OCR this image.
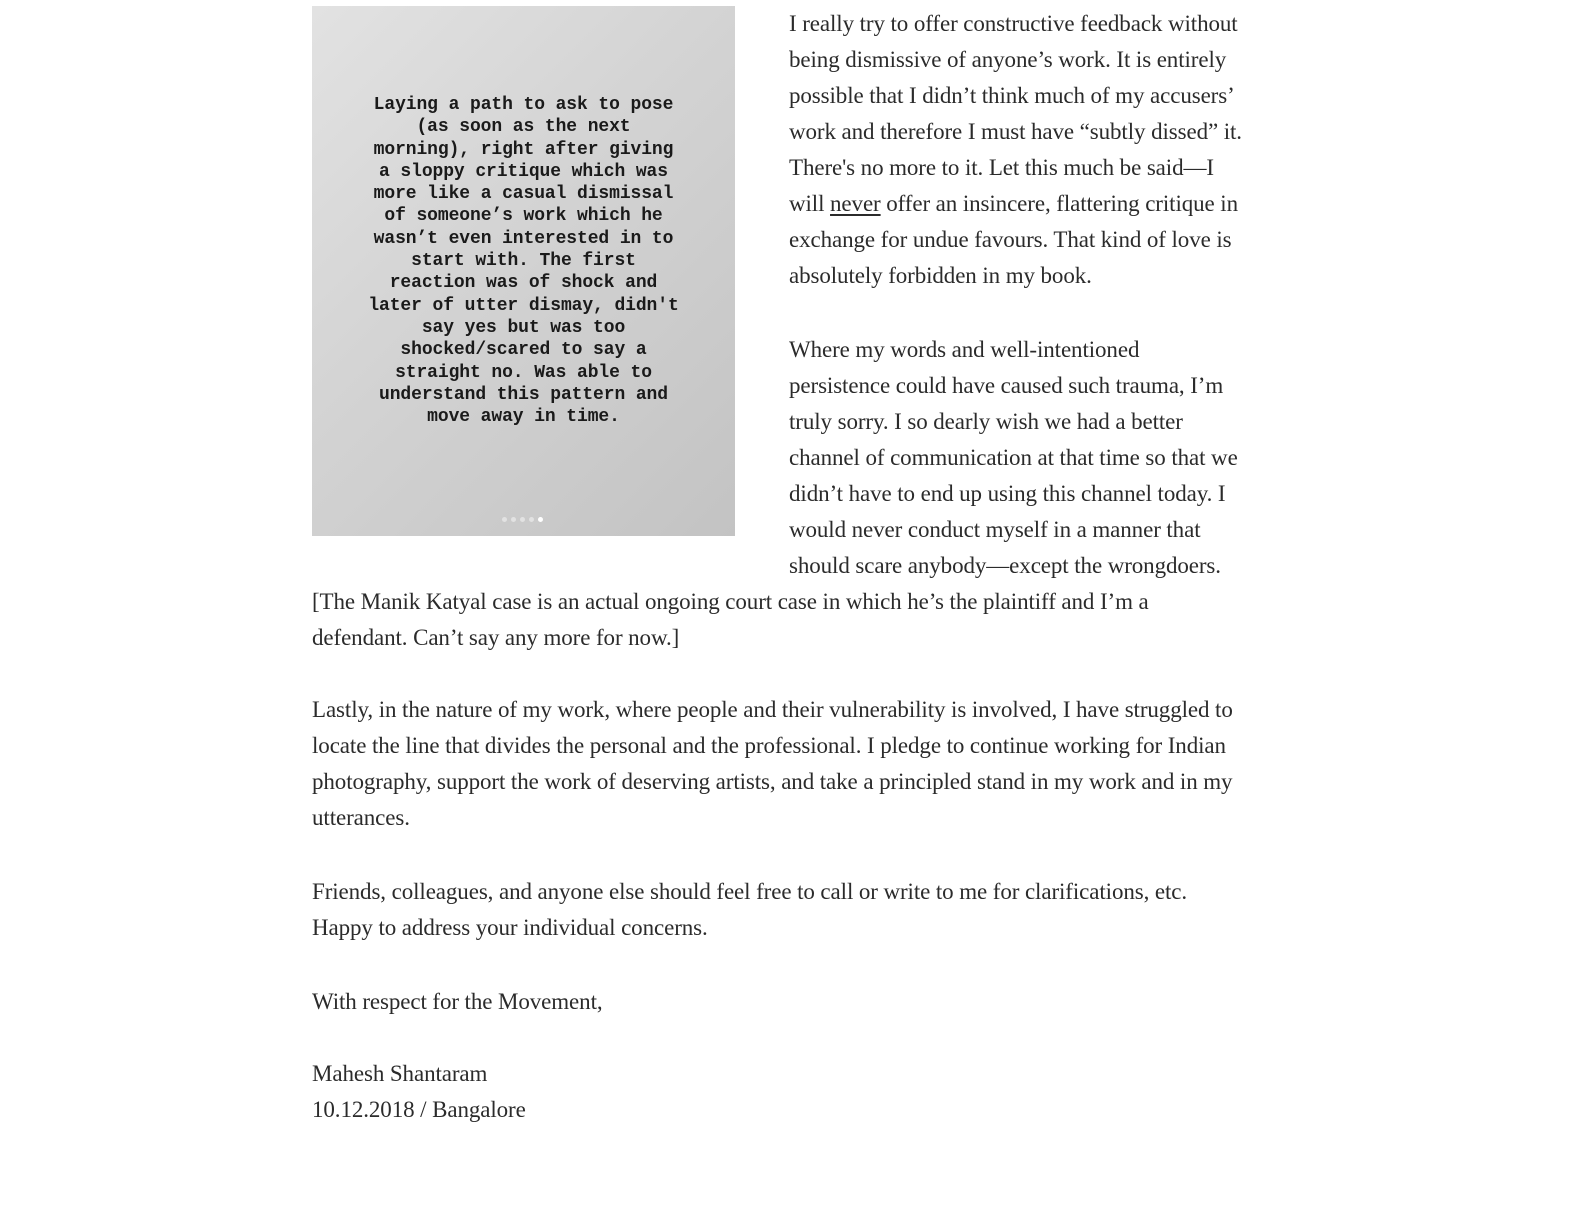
Laying a path to ask to pose (as soon as the next morning), right after giving a sloppy critique which was more like a casual dismissal of someone’s work which he wasn’t even interested in to start with. The first reaction was of shock and later of utter dismay, didn't say yes but was too shocked/scared to say a straight no. Was able to understand this pattern and move away in time.

I really try to offer constructive feedback without being dismissive of anyone’s work. It is entirely possible that I didn’t think much of my accusers’ work and therefore I must have “subtly dissed” it. There's no more to it. Let this much be said—I will never offer an insincere, flattering critique in exchange for undue favours. That kind of love is absolutely forbidden in my book.

Where my words and well-intentioned persistence could have caused such trauma, I’m truly sorry. I so dearly wish we had a better channel of communication at that time so that we didn’t have to end up using this channel today. I would never conduct myself in a manner that should scare anybody—except the wrongdoers. [The Manik Katyal case is an actual ongoing court case in which he’s the plaintiff and I’m a defendant. Can’t say any more for now.]

Lastly, in the nature of my work, where people and their vulnerability is involved, I have struggled to locate the line that divides the personal and the professional. I pledge to continue working for Indian photography, support the work of deserving artists, and take a principled stand in my work and in my utterances.

Friends, colleagues, and anyone else should feel free to call or write to me for clarifications, etc. Happy to address your individual concerns.

With respect for the Movement,

Mahesh Shantaram

10.12.2018 / Bangalore
